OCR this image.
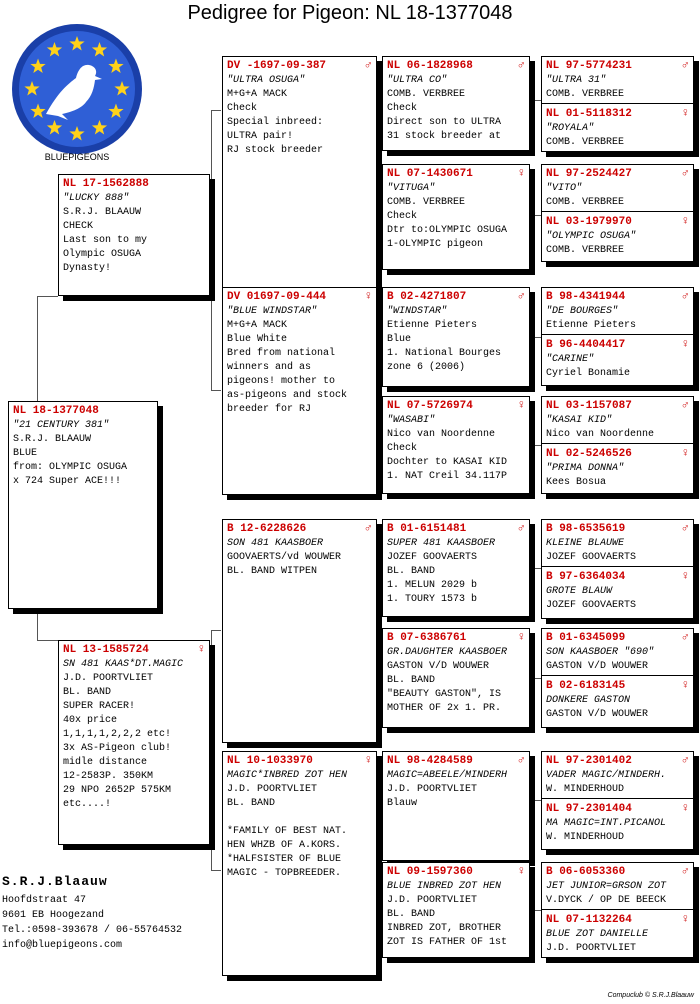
Pedigree for Pigeon: NL 18-1377048
BLUEPIGEONS
NL 18-1377048
"21 CENTURY 381"
S.R.J. BLAAUW
BLUE
from: OLYMPIC OSUGA
x 724 Super ACE!!!
NL 17-1562888
"LUCKY 888"
S.R.J. BLAAUW
CHECK
Last son to my
Olympic OSUGA
Dynasty!
NL 13-1585724	♀
SN 481 KAAS*DT.MAGIC
J.D. POORTVLIET
BL. BAND
SUPER RACER!
40x price
1,1,1,1,2,2,2 etc!
3x AS-Pigeon club!
midle distance
12-2583P. 350KM
29 NPO 2652P 575KM
etc....!
DV -1697-09-387	♂
"ULTRA OSUGA"
M+G+A MACK
Check
Special inbreed:
ULTRA pair!
RJ stock breeder
DV 01697-09-444	♀
"BLUE WINDSTAR"
M+G+A MACK
Blue White
Bred from national
winners and as
pigeons! mother to
as-pigeons and stock
breeder for RJ
B 12-6228626	♂
SON 481 KAASBOER
GOOVAERTS/vd WOUWER
BL. BAND WITPEN
NL 10-1033970	♀
MAGIC*INBRED ZOT HEN
J.D. POORTVLIET
BL. BAND
*FAMILY OF BEST NAT.
HEN WHZB OF A.KORS.
*HALFSISTER OF BLUE
MAGIC - TOPBREEDER.
NL 06-1828968	♂
"ULTRA CO"
COMB. VERBREE
Check
Direct son to ULTRA
31 stock breeder at
NL 07-1430671	♀
"VITUGA"
COMB. VERBREE
Check
Dtr to:OLYMPIC OSUGA
1-OLYMPIC pigeon
B 02-4271807	♂
"WINDSTAR"
Etienne Pieters
Blue
1. National Bourges
zone 6 (2006)
NL 07-5726974	♀
"WASABI"
Nico van Noordenne
Check
Dochter to KASAI KID
1. NAT Creil 34.117P
B 01-6151481	♂
SUPER 481 KAASBOER
JOZEF GOOVAERTS
BL. BAND
1. MELUN 2029 b
1. TOURY 1573 b
B 07-6386761	♀
GR.DAUGHTER KAASBOER
GASTON V/D WOUWER
BL. BAND
"BEAUTY GASTON", IS
MOTHER OF 2x 1. PR.
NL 98-4284589	♂
MAGIC=ABEELE/MINDERH
J.D. POORTVLIET
Blauw
NL 09-1597360	♀
BLUE INBRED ZOT HEN
J.D. POORTVLIET
BL. BAND
INBRED ZOT, BROTHER
ZOT IS FATHER OF 1st
NL 97-5774231	♂
"ULTRA 31"
COMB. VERBREE
NL 01-5118312	♀
"ROYALA"
COMB. VERBREE
NL 97-2524427	♂
"VITO"
COMB. VERBREE
NL 03-1979970	♀
"OLYMPIC OSUGA"
COMB. VERBREE
B 98-4341944	♂
"DE BOURGES"
Etienne Pieters
B 96-4404417	♀
"CARINE"
Cyriel Bonamie
NL 03-1157087	♂
"KASAI KID"
Nico van Noordenne
NL 02-5246526	♀
"PRIMA DONNA"
Kees Bosua
B 98-6535619	♂
KLEINE BLAUWE
JOZEF GOOVAERTS
B 97-6364034	♀
GROTE BLAUW
JOZEF GOOVAERTS
B 01-6345099	♂
SON KAASBOER "690"
GASTON V/D WOUWER
B 02-6183145	♀
DONKERE GASTON
GASTON V/D WOUWER
NL 97-2301402	♂
VADER MAGIC/MINDERH.
W. MINDERHOUD
NL 97-2301404	♀
MA MAGIC=INT.PICANOL
W. MINDERHOUD
B 06-6053360	♂
JET JUNIOR=GRSON ZOT
V.DYCK / OP DE BEECK
NL 07-1132264	♀
BLUE ZOT DANIELLE
J.D. POORTVLIET
S.R.J.Blaauw
Hoofdstraat 47
9601 EB Hoogezand
Tel.:0598-393678 / 06-55764532
info@bluepigeons.com
Compuclub © S.R.J.Blaauw
